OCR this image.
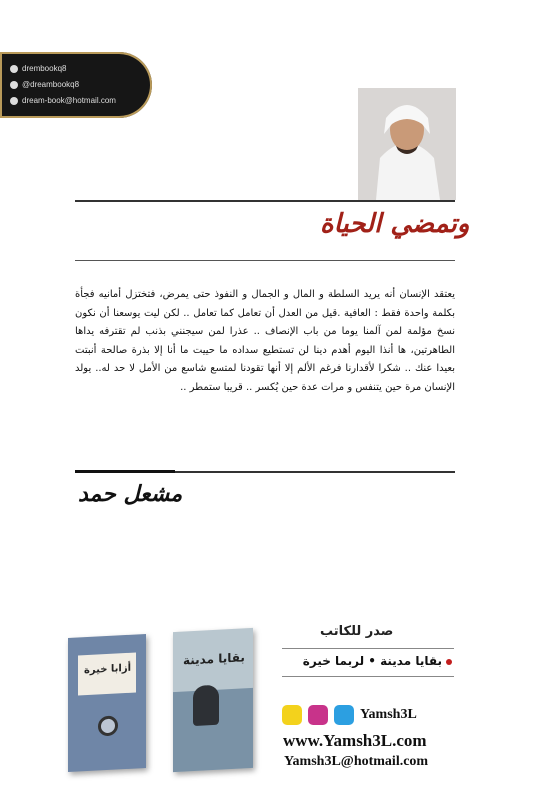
drembookq8
@dreambookq8
dream-book@hotmail.com
وتمضي الحياة
يعتقد الإنسان أنه يريد السلطة و المال و الجمال و النفوذ حتى يمرض، فتختزل أمانيه فجأة بكلمة واحدة فقط : العافية .قيل من العدل أن تعامل كما تعامل .. لكن ليت يوسعنا أن نكون نسخ مؤلمة لمن آلمنا يوما من باب الإنصاف .. عذرا لمن سيجنني بذنب لم تقترفه يداها الطاهرتين، ها أنذا اليوم أهدم دينا لن تستطيع سداده ما حييت ما أنا إلا بذرة صالحة أنبتت بعيدا عنك .. شكرا لأقدارنا فرغم الألم إلا أنها تقودنا لمتسع شاسع من الأمل لا حد له.. يولد الإنسان مرة حين يتنفس و مرات عدة حين يُكسر .. قريبا ستمطر ..
مشعل حمد
أزابا خيرة
بقايا مدينة
صدر للكاتب
بقايا مدينة • لربما خيرة
Yamsh3L
www.Yamsh3L.com
Yamsh3L@hotmail.com
